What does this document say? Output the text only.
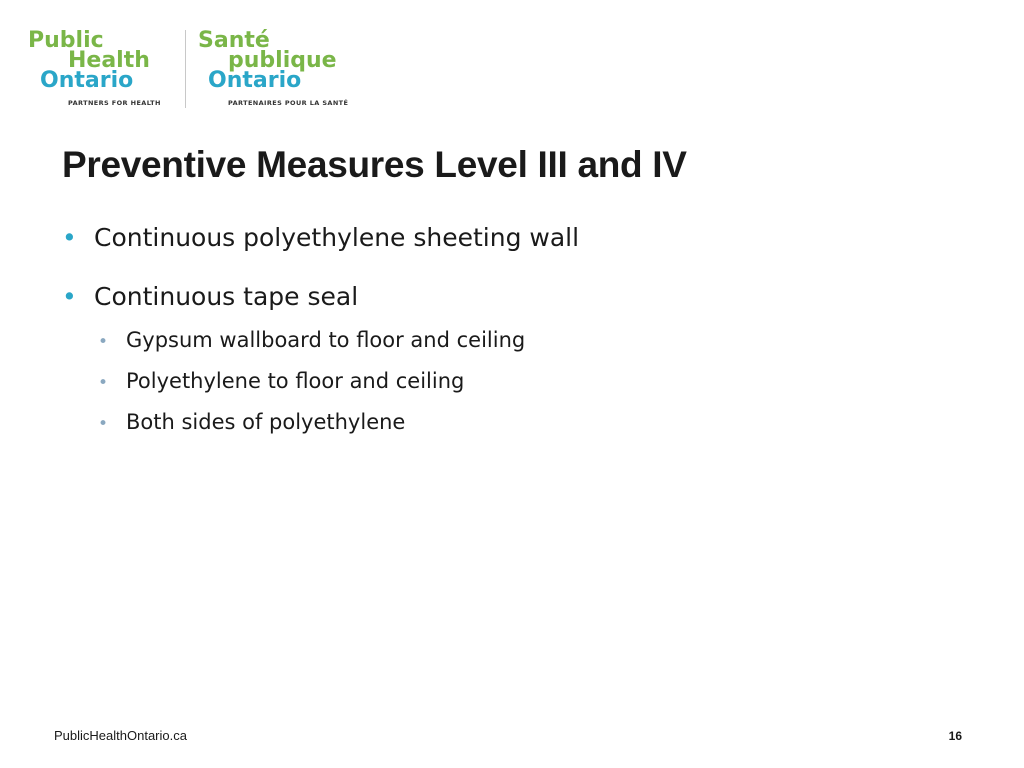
Public
Health
Ontario
PARTNERS FOR HEALTH
Santé
publique
Ontario
PARTENAIRES POUR LA SANTÉ
Preventive Measures Level III and IV
• Continuous polyethylene sheeting wall
• Continuous tape seal
• Gypsum wallboard to floor and ceiling
• Polyethylene to floor and ceiling
• Both sides of polyethylene
PublicHealthOntario.ca	16
